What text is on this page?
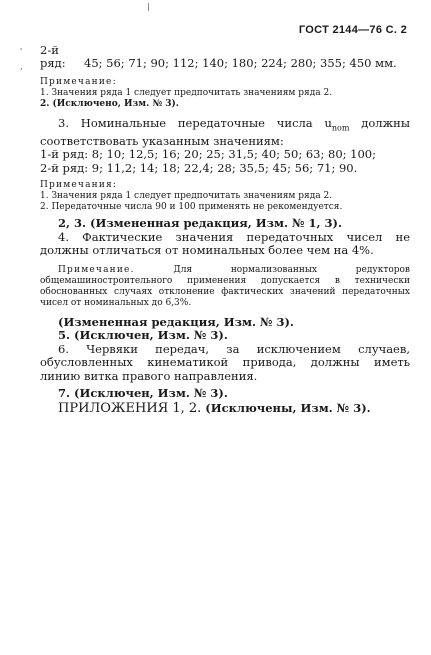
|
'
,
ГОСТ 2144—76 С. 2
2-й ряд:	45; 56; 71; 90; 112; 140; 180; 224; 280; 355; 450 мм.
Примечание:
1. Значения ряда 1 следует предпочитать значениям ряда 2.
2. (Исключено, Изм. № 3).
3. Номинальные передаточные числа $u_{nom}$ должны соответствовать указанным значениям:
1-й ряд: 8; 10; 12,5; 16; 20; 25; 31,5; 40; 50; 63; 80; 100;
2-й ряд: 9; 11,2; 14; 18; 22,4; 28; 35,5; 45; 56; 71; 90.
Примечания:
1. Значения ряда 1 следует предпочитать значениям ряда 2.
2. Передаточные числа 90 и 100 применять не рекомендуется.
2, 3. (Измененная редакция, Изм. № 1, 3).
4. Фактические значения передаточных чисел не должны отличаться от номинальных более чем на 4%.
Примечание. Для нормализованных редукторов общемашиностроительного применения допускается в технически обоснованных случаях отклонение фактических значений передаточных чисел от номинальных до 6,3%.
(Измененная редакция, Изм. № 3).
5. (Исключен, Изм. № 3).
6. Червяки передач, за исключением случаев, обусловленных кинематикой привода, должны иметь линию витка правого направления.
7. (Исключен, Изм. № 3).
ПРИЛОЖЕНИЯ 1, 2. (Исключены, Изм. № 3).
